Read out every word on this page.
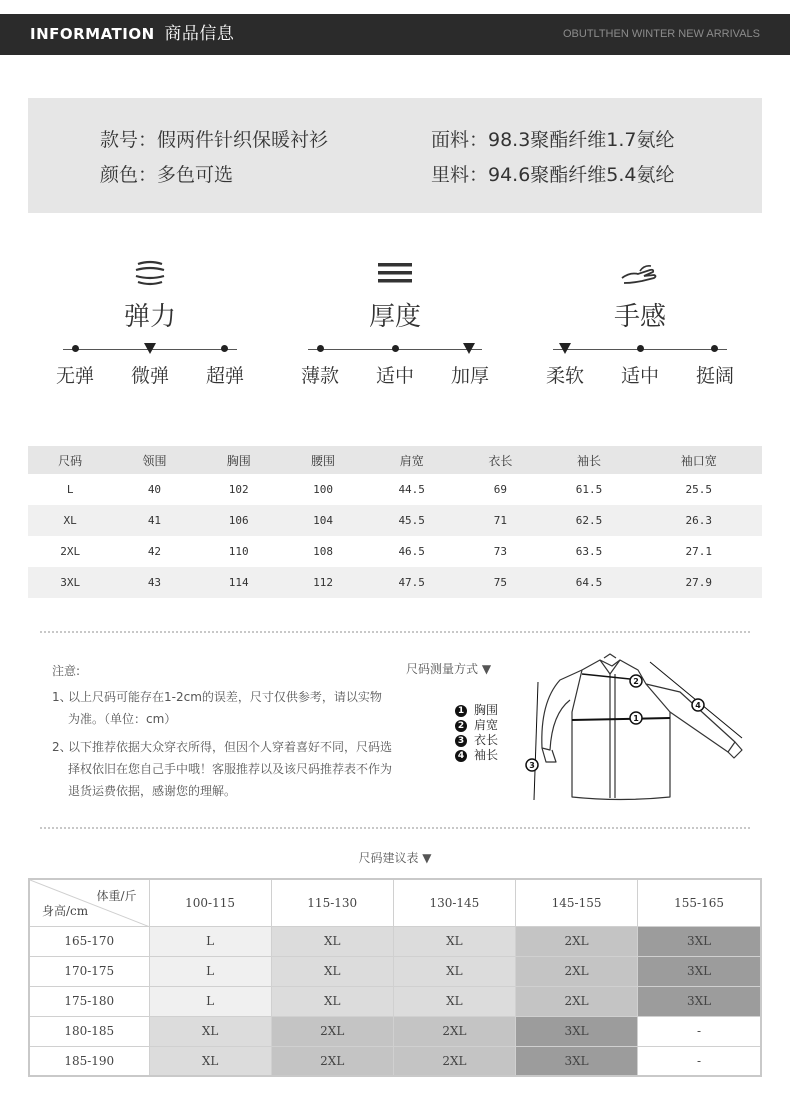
INFORMATION 商品信息	OBUTLTHEN WINTER NEW ARRIVALS
款号：假两件针织保暖衬衫	面料：98.3聚酯纤维1.7氨纶
颜色：多色可选	里料：94.6聚酯纤维5.4氨纶
弹力
无弹	微弹	超弹
厚度
薄款	适中	加厚
手感
柔软	适中	挺阔
尺码	领围	胸围	腰围	肩宽	衣长	袖长	袖口宽
L	40	102	100	44.5	69	61.5	25.5
XL	41	106	104	45.5	71	62.5	26.3
2XL	42	110	108	46.5	73	63.5	27.1
3XL	43	114	112	47.5	75	64.5	27.9
注意:
1、
以上尺码可能存在1-2cm的误差，尺寸仅供参考，请以实物为准。（单位：cm）
2、
以下推荐依据大众穿衣所得，但因个人穿着喜好不同，尺码选择权依旧在您自己手中哦！客服推荐以及该尺码推荐表不作为退货运费依据，感谢您的理解。
尺码测量方式 ▼
1 胸围
2 肩宽
3 衣长
4 袖长
1
2
3
4
尺码建议表 ▼
体重/斤
身高/cm	100-115	115-130	130-145	145-155	155-165
165-170	L	XL	XL	2XL	3XL
170-175	L	XL	XL	2XL	3XL
175-180	L	XL	XL	2XL	3XL
180-185	XL	2XL	2XL	3XL	-
185-190	XL	2XL	2XL	3XL	-
